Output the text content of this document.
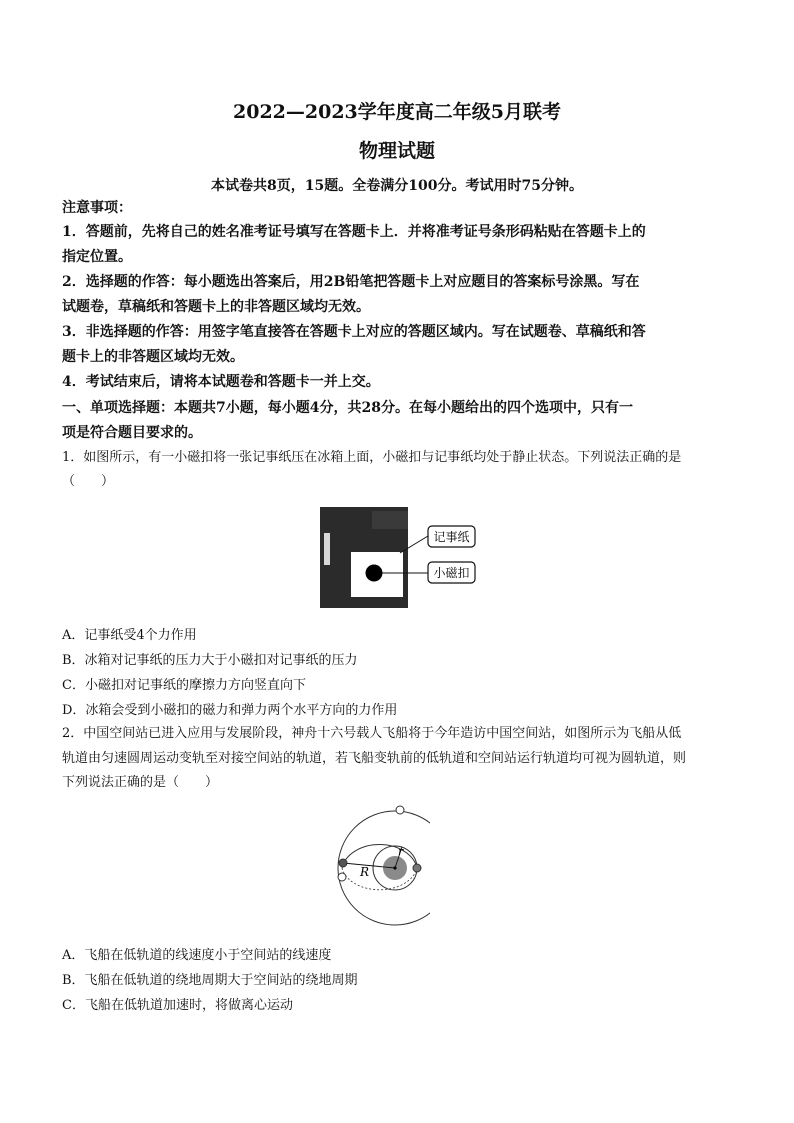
2022—2023学年度高二年级5月联考
物理试题
本试卷共8页，15题。全卷满分100分。考试用时75分钟。
注意事项：
1．答题前，先将自己的姓名准考证号填写在答题卡上．并将准考证号条形码粘贴在答题卡上的
指定位置。
2．选择题的作答：每小题选出答案后，用2B铅笔把答题卡上对应题目的答案标号涂黑。写在
试题卷，草稿纸和答题卡上的非答题区域均无效。
3．非选择题的作答：用签字笔直接答在答题卡上对应的答题区域内。写在试题卷、草稿纸和答
题卡上的非答题区域均无效。
4．考试结束后，请将本试题卷和答题卡一并上交。
一、单项选择题：本题共7小题，每小题4分，共28分。在每小题给出的四个选项中，只有一
项是符合题目要求的。
1．如图所示，有一小磁扣将一张记事纸压在冰箱上面，小磁扣与记事纸均处于静止状态。下列说法正确的是
（　　）
记事纸
小磁扣
A．记事纸受4个力作用
B．冰箱对记事纸的压力大于小磁扣对记事纸的压力
C．小磁扣对记事纸的摩擦力方向竖直向下
D．冰箱会受到小磁扣的磁力和弹力两个水平方向的力作用
2．中国空间站已进入应用与发展阶段，神舟十六号载人飞船将于今年造访中国空间站，如图所示为飞船从低
轨道由匀速圆周运动变轨至对接空间站的轨道，若飞船变轨前的低轨道和空间站运行轨道均可视为圆轨道，则
下列说法正确的是（　　）
R
r
A．飞船在低轨道的线速度小于空间站的线速度
B．飞船在低轨道的绕地周期大于空间站的绕地周期
C．飞船在低轨道加速时，将做离心运动
